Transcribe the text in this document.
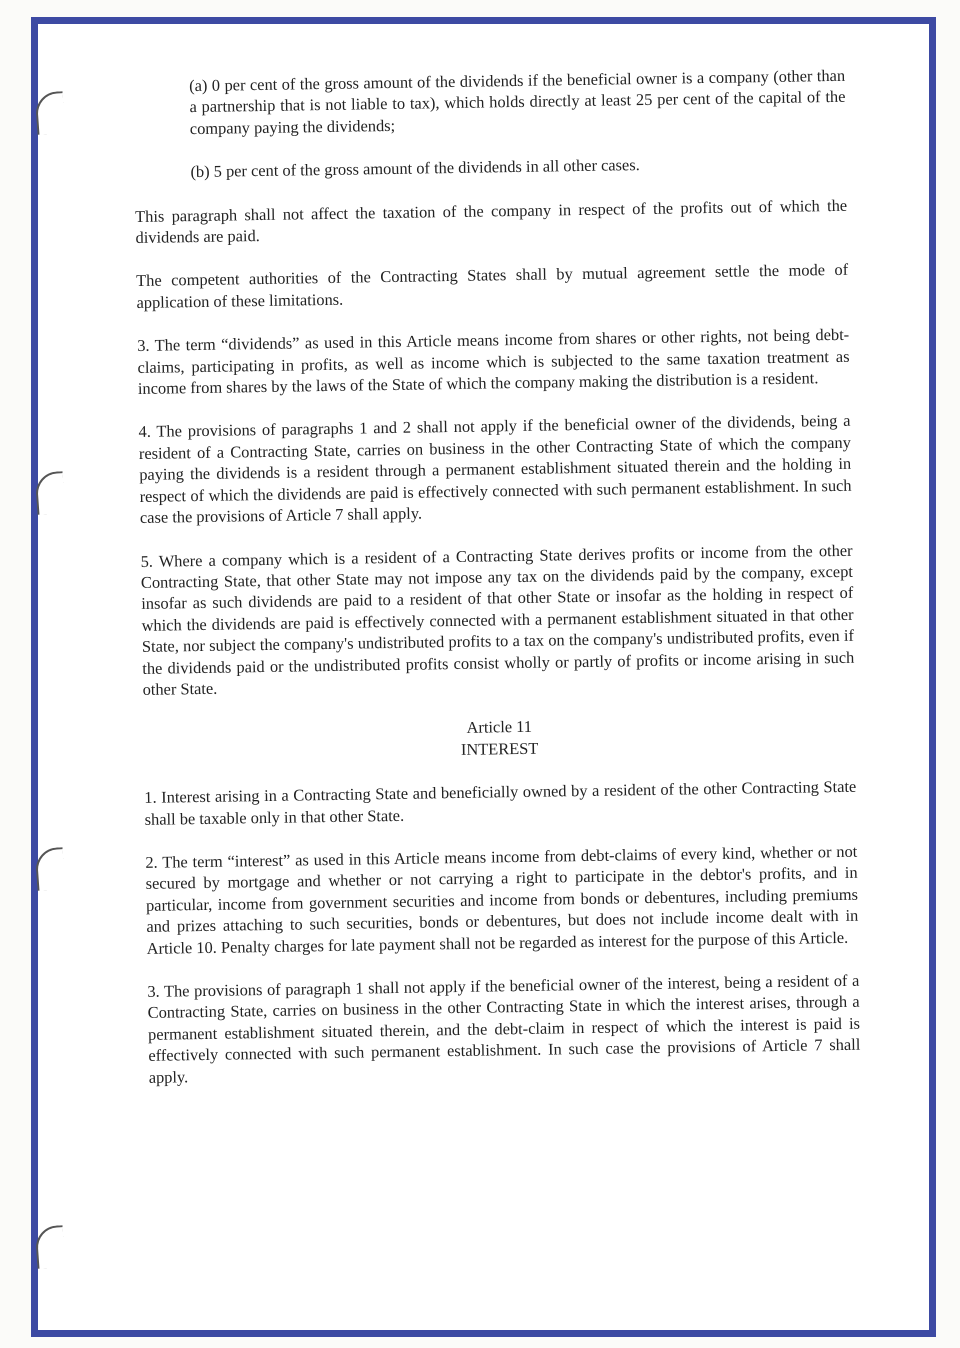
(a) 0 per cent of the gross amount of the dividends if the beneficial owner is a company (other than a partnership that is not liable to tax), which holds directly at least 25 per cent of the capital of the company paying the dividends;

(b) 5 per cent of the gross amount of the dividends in all other cases.

This paragraph shall not affect the taxation of the company in respect of the profits out of which the dividends are paid.

The competent authorities of the Contracting States shall by mutual agreement settle the mode of application of these limitations.

3. The term “dividends” as used in this Article means income from shares or other rights, not being debt-claims, participating in profits, as well as income which is subjected to the same taxation treatment as income from shares by the laws of the State of which the company making the distribution is a resident.

4. The provisions of paragraphs 1 and 2 shall not apply if the beneficial owner of the dividends, being a resident of a Contracting State, carries on business in the other Contracting State of which the company paying the dividends is a resident through a permanent establishment situated therein and the holding in respect of which the dividends are paid is effectively connected with such permanent establishment. In such case the provisions of Article 7 shall apply.

5. Where a company which is a resident of a Contracting State derives profits or income from the other Contracting State, that other State may not impose any tax on the dividends paid by the company, except insofar as such dividends are paid to a resident of that other State or insofar as the holding in respect of which the dividends are paid is effectively connected with a permanent establishment situated in that other State, nor subject the company's undistributed profits to a tax on the company's undistributed profits, even if the dividends paid or the undistributed profits consist wholly or partly of profits or income arising in such other State.

Article 11
INTEREST

1. Interest arising in a Contracting State and beneficially owned by a resident of the other Contracting State shall be taxable only in that other State.

2. The term “interest” as used in this Article means income from debt-claims of every kind, whether or not secured by mortgage and whether or not carrying a right to participate in the debtor's profits, and in particular, income from government securities and income from bonds or debentures, including premiums and prizes attaching to such securities, bonds or debentures, but does not include income dealt with in Article 10. Penalty charges for late payment shall not be regarded as interest for the purpose of this Article.

3. The provisions of paragraph 1 shall not apply if the beneficial owner of the interest, being a resident of a Contracting State, carries on business in the other Contracting State in which the interest arises, through a permanent establishment situated therein, and the debt-claim in respect of which the interest is paid is effectively connected with such permanent establishment. In such case the provisions of Article 7 shall apply.
